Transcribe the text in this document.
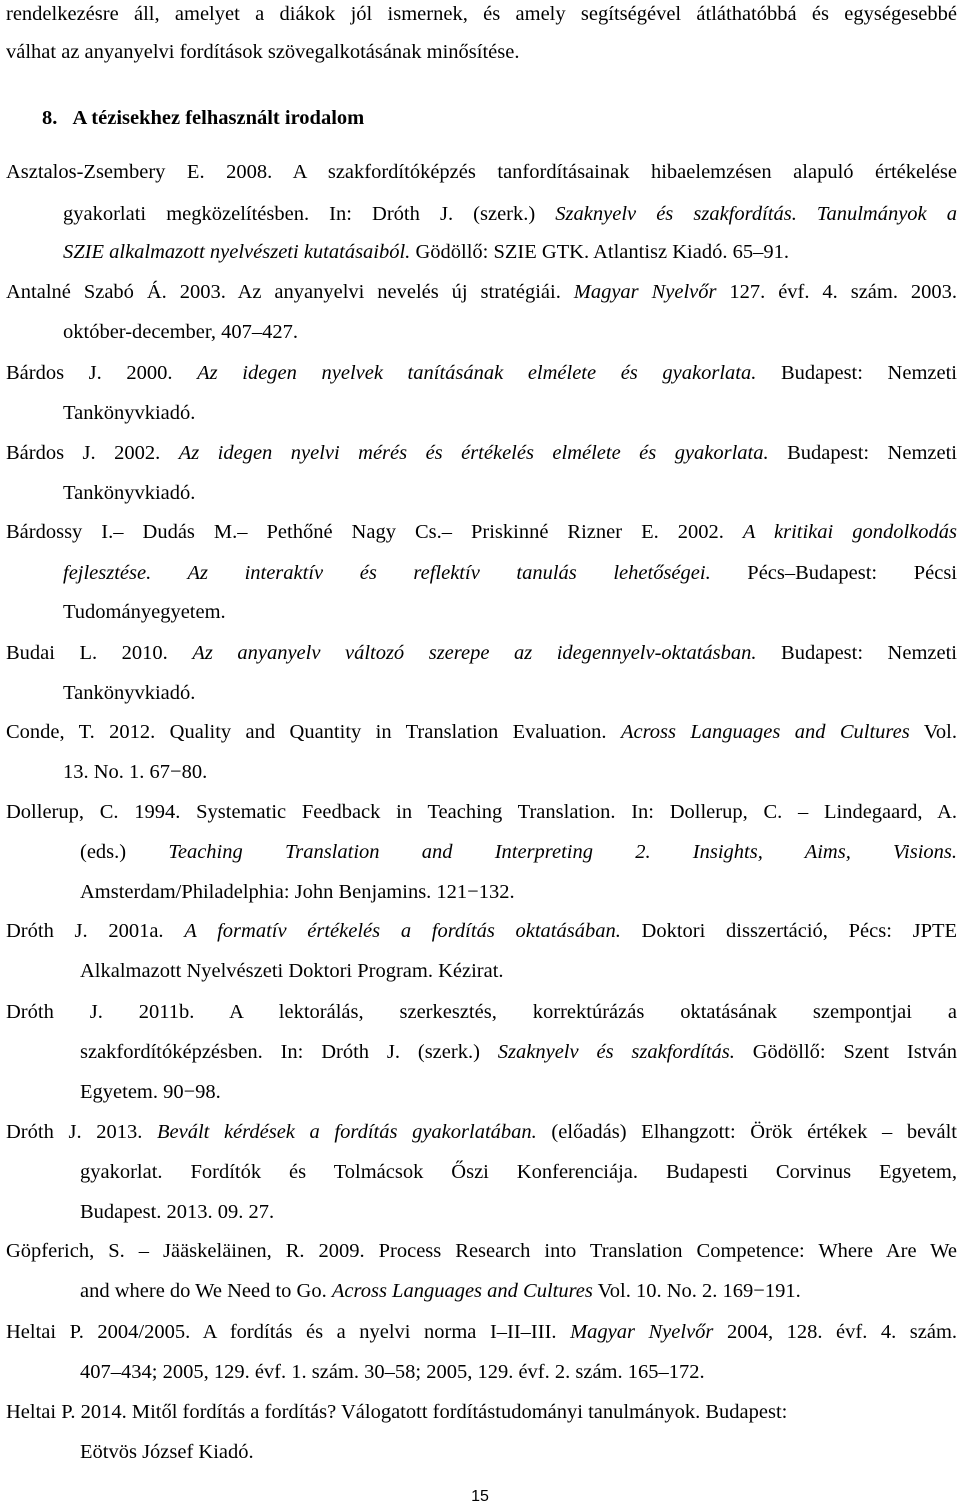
rendelkezésre áll, amelyet a diákok jól ismernek, és amely segítségével átláthatóbbá és egységesebbé
válhat az anyanyelvi fordítások szövegalkotásának minősítése.
8. A tézisekhez felhasznált irodalom
Asztalos-Zsembery E. 2008. A szakfordítóképzés tanfordításainak hibaelemzésen alapuló értékelése
gyakorlati megközelítésben. In: Dróth J. (szerk.) Szaknyelv és szakfordítás. Tanulmányok a
SZIE alkalmazott nyelvészeti kutatásaiból. Gödöllő: SZIE GTK. Atlantisz Kiadó. 65–91.
Antalné Szabó Á. 2003. Az anyanyelvi nevelés új stratégiái. Magyar Nyelvőr 127. évf. 4. szám. 2003.
október-december, 407–427.
Bárdos J. 2000. Az idegen nyelvek tanításának elmélete és gyakorlata. Budapest: Nemzeti
Tankönyvkiadó.
Bárdos J. 2002. Az idegen nyelvi mérés és értékelés elmélete és gyakorlata. Budapest: Nemzeti
Tankönyvkiadó.
Bárdossy I.– Dudás M.– Pethőné Nagy Cs.– Priskinné Rizner E. 2002. A kritikai gondolkodás
fejlesztése. Az interaktív és reflektív tanulás lehetőségei. Pécs–Budapest: Pécsi
Tudományegyetem.
Budai L. 2010. Az anyanyelv változó szerepe az idegennyelv-oktatásban. Budapest: Nemzeti
Tankönyvkiadó.
Conde, T. 2012. Quality and Quantity in Translation Evaluation. Across Languages and Cultures Vol.
13. No. 1. 67−80.
Dollerup, C. 1994. Systematic Feedback in Teaching Translation. In: Dollerup, C. – Lindegaard, A.
(eds.) Teaching Translation and Interpreting 2. Insights, Aims, Visions.
Amsterdam/Philadelphia: John Benjamins. 121−132.
Dróth J. 2001a. A formatív értékelés a fordítás oktatásában. Doktori disszertáció, Pécs: JPTE
Alkalmazott Nyelvészeti Doktori Program. Kézirat.
Dróth J. 2011b. A lektorálás, szerkesztés, korrektúrázás oktatásának szempontjai a
szakfordítóképzésben. In: Dróth J. (szerk.) Szaknyelv és szakfordítás. Gödöllő: Szent István
Egyetem. 90−98.
Dróth J. 2013. Bevált kérdések a fordítás gyakorlatában. (előadás) Elhangzott: Örök értékek – bevált
gyakorlat. Fordítók és Tolmácsok Őszi Konferenciája. Budapesti Corvinus Egyetem,
Budapest. 2013. 09. 27.
Göpferich, S. – Jääskeläinen, R. 2009. Process Research into Translation Competence: Where Are We
and where do We Need to Go. Across Languages and Cultures Vol. 10. No. 2. 169−191.
Heltai P. 2004/2005. A fordítás és a nyelvi norma I–II–III. Magyar Nyelvőr 2004, 128. évf. 4. szám.
407–434; 2005, 129. évf. 1. szám. 30–58; 2005, 129. évf. 2. szám. 165–172.
Heltai P. 2014. Mitől fordítás a fordítás? Válogatott fordítástudományi tanulmányok. Budapest:
Eötvös József Kiadó.
15
